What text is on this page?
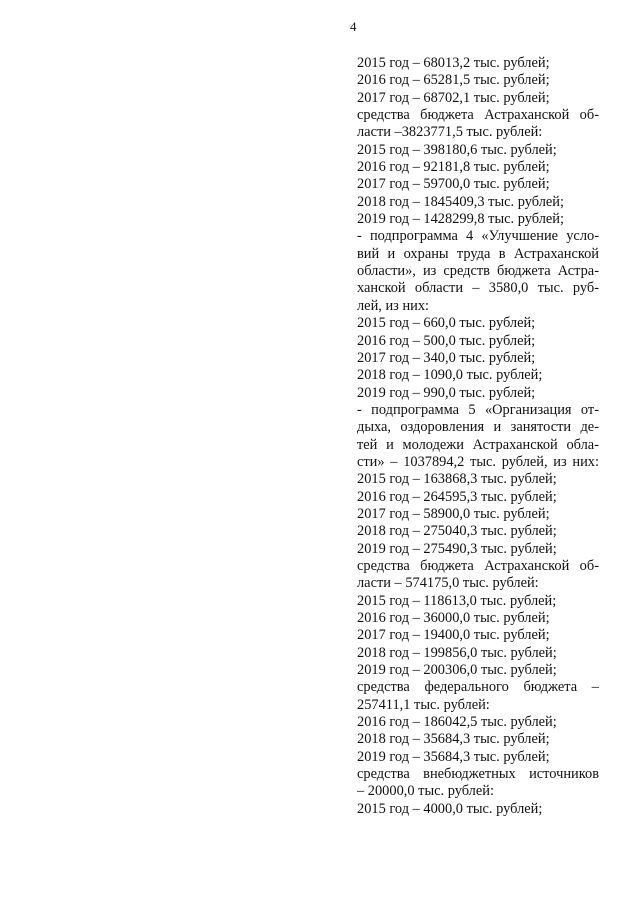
4
2015 год – 68013,2 тыс. рублей;
2016 год – 65281,5 тыс. рублей;
2017 год – 68702,1 тыс. рублей;
средства бюджета Астраханской об-
ласти –3823771,5 тыс. рублей:
2015 год – 398180,6 тыс. рублей;
2016 год – 92181,8 тыс. рублей;
2017 год – 59700,0 тыс. рублей;
2018 год – 1845409,3 тыс. рублей;
2019 год – 1428299,8 тыс. рублей;
- подпрограмма 4 «Улучшение усло-
вий и охраны труда в Астраханской
области», из средств бюджета Астра-
ханской области – 3580,0 тыс. руб-
лей, из них:
2015 год – 660,0 тыс. рублей;
2016 год – 500,0 тыс. рублей;
2017 год – 340,0 тыс. рублей;
2018 год – 1090,0 тыс. рублей;
2019 год – 990,0 тыс. рублей;
- подпрограмма 5 «Организация от-
дыха, оздоровления и занятости де-
тей и молодежи Астраханской обла-
сти» – 1037894,2 тыс. рублей, из них:
2015 год – 163868,3 тыс. рублей;
2016 год – 264595,3 тыс. рублей;
2017 год – 58900,0 тыс. рублей;
2018 год – 275040,3 тыс. рублей;
2019 год – 275490,3 тыс. рублей;
средства бюджета Астраханской об-
ласти – 574175,0 тыс. рублей:
2015 год – 118613,0 тыс. рублей;
2016 год – 36000,0 тыс. рублей;
2017 год – 19400,0 тыс. рублей;
2018 год – 199856,0 тыс. рублей;
2019 год – 200306,0 тыс. рублей;
средства федерального бюджета –
257411,1 тыс. рублей:
2016 год – 186042,5 тыс. рублей;
2018 год – 35684,3 тыс. рублей;
2019 год – 35684,3 тыс. рублей;
средства внебюджетных источников
– 20000,0 тыс. рублей:
2015 год – 4000,0 тыс. рублей;
